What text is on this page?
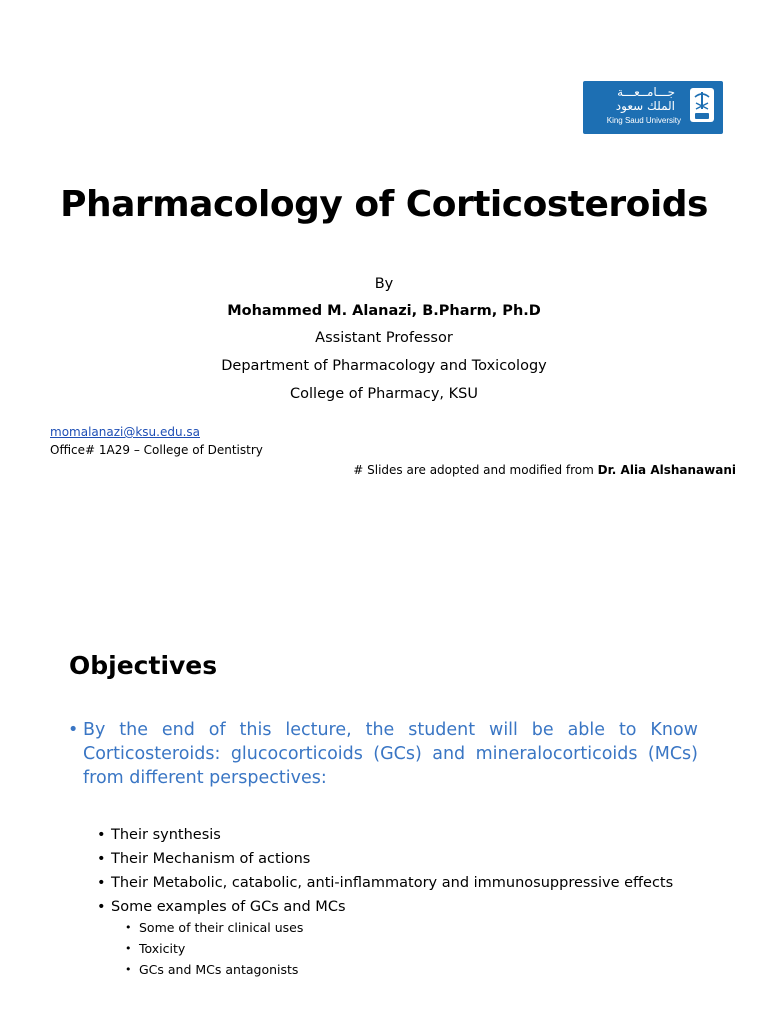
جـــامــعـــة
الملك سعود
King Saud University
Pharmacology of Corticosteroids
By
Mohammed M. Alanazi, B.Pharm, Ph.D
Assistant Professor
Department of Pharmacology and Toxicology
College of Pharmacy, KSU
momalanazi@ksu.edu.sa
Office# 1A29 – College of Dentistry
# Slides are adopted and modified from Dr. Alia Alshanawani
Objectives
• By the end of this lecture, the student will be able to Know Corticosteroids: glucocorticoids (GCs) and mineralocorticoids (MCs) from different perspectives:
• Their synthesis
• Their Mechanism of actions
• Their Metabolic, catabolic, anti-inflammatory and immunosuppressive effects
• Some examples of GCs and MCs
• Some of their clinical uses
• Toxicity
• GCs and MCs antagonists
